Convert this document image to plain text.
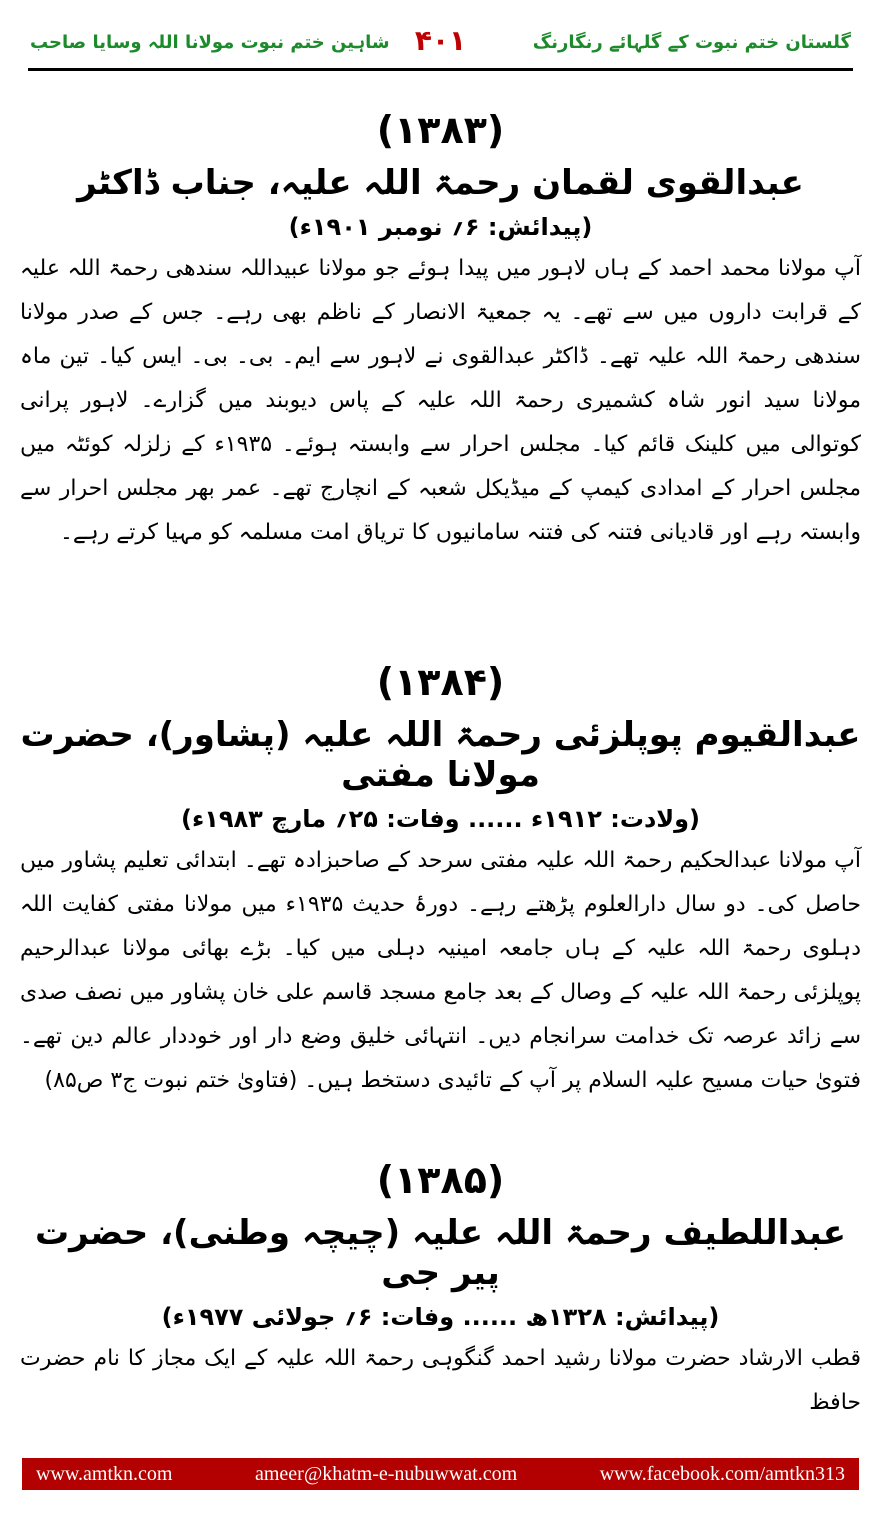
گلستان ختم نبوت کے گلہائے رنگارنگ
۴۰۱
شاہین ختم نبوت مولانا اللہ وسایا صاحب
(۱۳۸۳)
عبدالقوی لقمان رحمۃ اللہ علیہ، جناب ڈاکٹر
(پیدائش: ۶؍ نومبر ۱۹۰۱ء)
آپ مولانا محمد احمد کے ہاں لاہور میں پیدا ہوئے جو مولانا عبیداللہ سندھی رحمۃ اللہ علیہ کے قرابت داروں میں سے تھے۔ یہ جمعیۃ الانصار کے ناظم بھی رہے۔ جس کے صدر مولانا سندھی رحمۃ اللہ علیہ تھے۔ ڈاکٹر عبدالقوی نے لاہور سے ایم۔ بی۔ بی۔ ایس کیا۔ تین ماہ مولانا سید انور شاہ کشمیری رحمۃ اللہ علیہ کے پاس دیوبند میں گزارے۔ لاہور پرانی کوتوالی میں کلینک قائم کیا۔ مجلس احرار سے وابستہ ہوئے۔ ۱۹۳۵ء کے زلزلہ کوئٹہ میں مجلس احرار کے امدادی کیمپ کے میڈیکل شعبہ کے انچارج تھے۔ عمر بھر مجلس احرار سے وابستہ رہے اور قادیانی فتنہ کی فتنہ سامانیوں کا تریاق امت مسلمہ کو مہیا کرتے رہے۔
(۱۳۸۴)
عبدالقیوم پوپلزئی رحمۃ اللہ علیہ (پشاور)، حضرت مولانا مفتی
(ولادت: ۱۹۱۲ء ...... وفات: ۲۵؍ مارچ ۱۹۸۳ء)
آپ مولانا عبدالحکیم رحمۃ اللہ علیہ مفتی سرحد کے صاحبزادہ تھے۔ ابتدائی تعلیم پشاور میں حاصل کی۔ دو سال دارالعلوم پڑھتے رہے۔ دورۂ حدیث ۱۹۳۵ء میں مولانا مفتی کفایت اللہ دہلوی رحمۃ اللہ علیہ کے ہاں جامعہ امینیہ دہلی میں کیا۔ بڑے بھائی مولانا عبدالرحیم پوپلزئی رحمۃ اللہ علیہ کے وصال کے بعد جامع مسجد قاسم علی خان پشاور میں نصف صدی سے زائد عرصہ تک خدامت سرانجام دیں۔ انتہائی خلیق وضع دار اور خوددار عالم دین تھے۔ فتویٰ حیات مسیح علیہ السلام پر آپ کے تائیدی دستخط ہیں۔ (فتاویٰ ختم نبوت ج۳ ص۸۵)
(۱۳۸۵)
عبداللطیف رحمۃ اللہ علیہ (چیچہ وطنی)، حضرت پیر جی
(پیدائش: ۱۳۲۸ھ ...... وفات: ۶؍ جولائی ۱۹۷۷ء)
قطب الارشاد حضرت مولانا رشید احمد گنگوہی رحمۃ اللہ علیہ کے ایک مجاز کا نام حضرت حافظ
www.amtkn.com	ameer@khatm-e-nubuwwat.com	www.facebook.com/amtkn313
